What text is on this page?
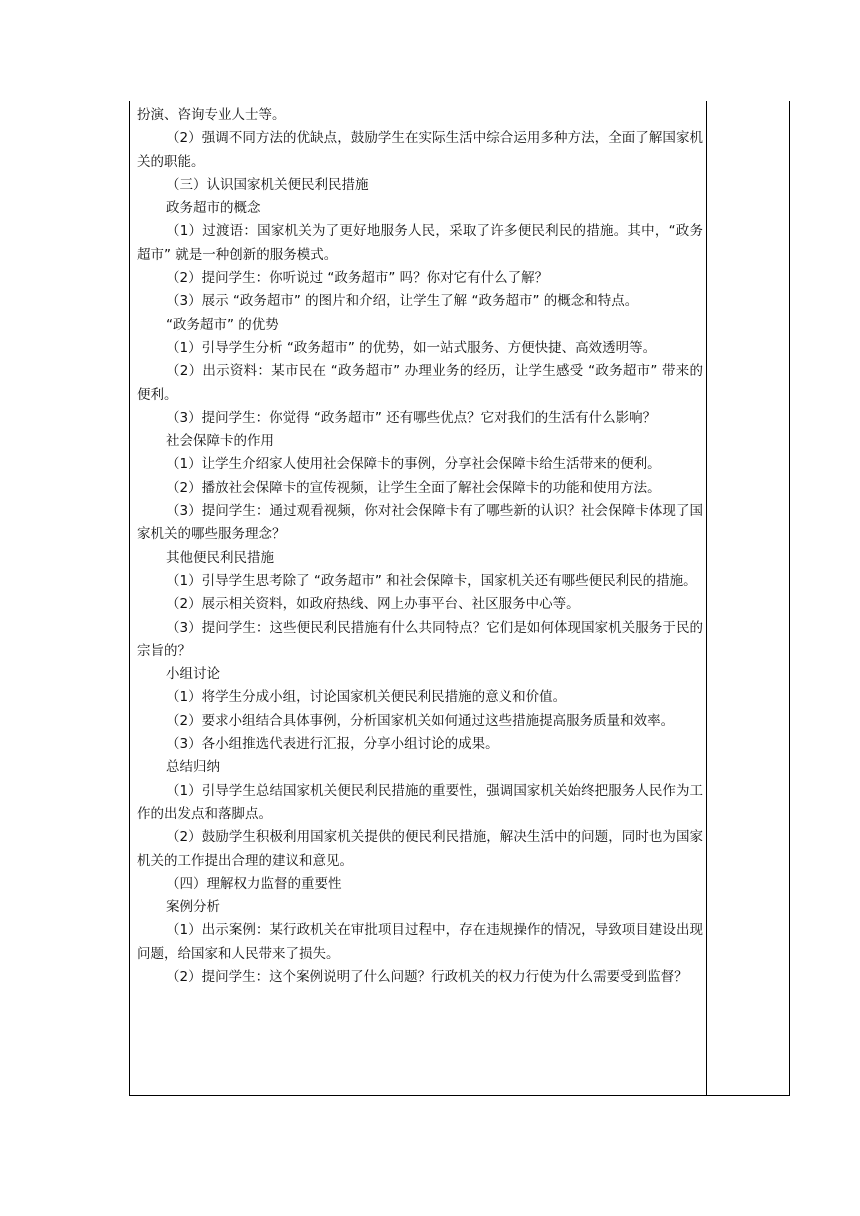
扮演、咨询专业人士等。

（2）强调不同方法的优缺点，鼓励学生在实际生活中综合运用多种方法，全面了解国家机关的职能。

（三）认识国家机关便民利民措施

政务超市的概念

（1）过渡语：国家机关为了更好地服务人民，采取了许多便民利民的措施。其中，“政务超市” 就是一种创新的服务模式。

（2）提问学生：你听说过 “政务超市” 吗？你对它有什么了解？

（3）展示 “政务超市” 的图片和介绍，让学生了解 “政务超市” 的概念和特点。

“政务超市” 的优势

（1）引导学生分析 “政务超市” 的优势，如一站式服务、方便快捷、高效透明等。

（2）出示资料：某市民在 “政务超市” 办理业务的经历，让学生感受 “政务超市” 带来的便利。

（3）提问学生：你觉得 “政务超市” 还有哪些优点？它对我们的生活有什么影响？

社会保障卡的作用

（1）让学生介绍家人使用社会保障卡的事例，分享社会保障卡给生活带来的便利。

（2）播放社会保障卡的宣传视频，让学生全面了解社会保障卡的功能和使用方法。

（3）提问学生：通过观看视频，你对社会保障卡有了哪些新的认识？社会保障卡体现了国家机关的哪些服务理念？

其他便民利民措施

（1）引导学生思考除了 “政务超市” 和社会保障卡，国家机关还有哪些便民利民的措施。

（2）展示相关资料，如政府热线、网上办事平台、社区服务中心等。

（3）提问学生：这些便民利民措施有什么共同特点？它们是如何体现国家机关服务于民的宗旨的？

小组讨论

（1）将学生分成小组，讨论国家机关便民利民措施的意义和价值。

（2）要求小组结合具体事例，分析国家机关如何通过这些措施提高服务质量和效率。

（3）各小组推选代表进行汇报，分享小组讨论的成果。

总结归纳

（1）引导学生总结国家机关便民利民措施的重要性，强调国家机关始终把服务人民作为工作的出发点和落脚点。

（2）鼓励学生积极利用国家机关提供的便民利民措施，解决生活中的问题，同时也为国家机关的工作提出合理的建议和意见。

（四）理解权力监督的重要性

案例分析

（1）出示案例：某行政机关在审批项目过程中，存在违规操作的情况，导致项目建设出现问题，给国家和人民带来了损失。

（2）提问学生：这个案例说明了什么问题？行政机关的权力行使为什么需要受到监督？
